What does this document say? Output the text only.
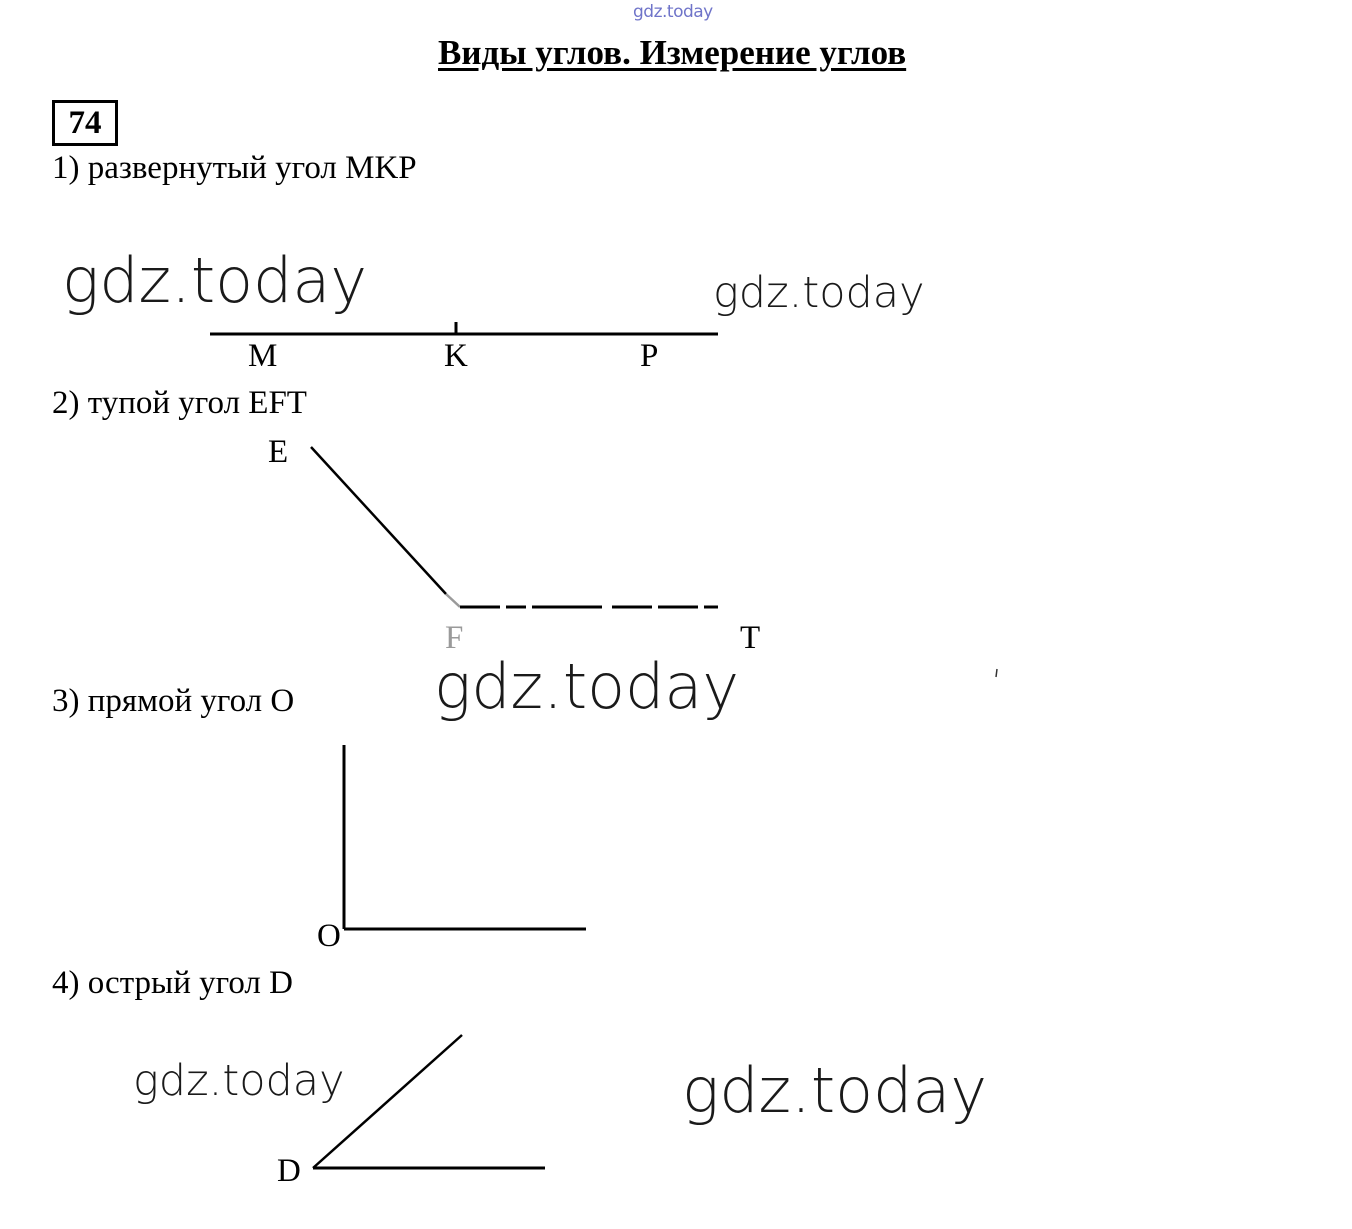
gdz.today
Виды углов. Измерение углов
74
1) развернутый угол MKP
2) тупой угол EFT
3) прямой угол O
4) острый угол D
M	K	P
E
F	T
O
D
gdz.today	gdz.today
gdz.today
gdz.today	gdz.today
